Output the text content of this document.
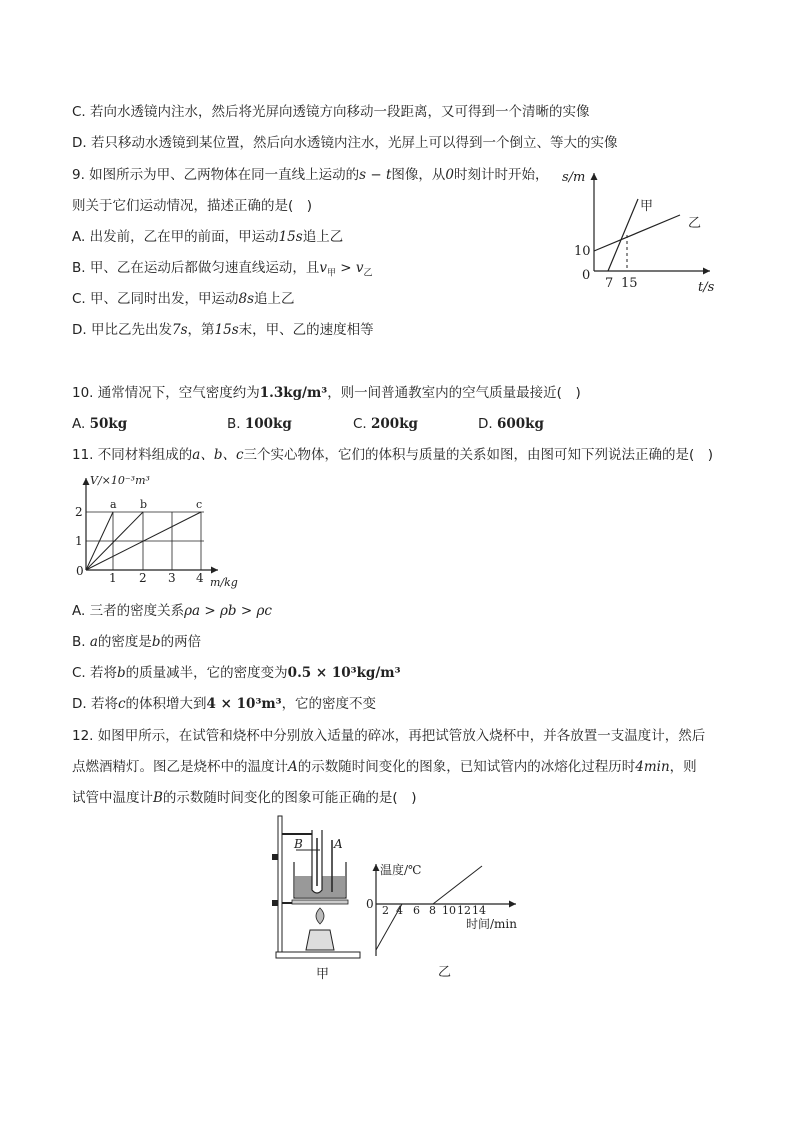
C. 若向水透镜内注水，然后将光屏向透镜方向移动一段距离，又可得到一个清晰的实像
D. 若只移动水透镜到某位置，然后向水透镜内注水，光屏上可以得到一个倒立、等大的实像
9. 如图所示为甲、乙两物体在同一直线上运动的s − t图像，从0时刻计时开始，
则关于它们运动情况，描述正确的是(　)
A. 出发前，乙在甲的前面，甲运动15s追上乙
B. 甲、乙在运动后都做匀速直线运动，且$v_甲 > v_乙$
C. 甲、乙同时出发，甲运动8s追上乙
D. 甲比乙先出发7s，第15s末，甲、乙的速度相等
s/m
t/s
0
10
7 15
甲
乙
10. 通常情况下，空气密度约为1.3kg/m³，则一间普通教室内的空气质量最接近(　)
A. 50kg	B. 100kg	C. 200kg	D. 600kg
11. 不同材料组成的a、b、c三个实心物体，它们的体积与质量的关系如图，由图可知下列说法正确的是(　)
V/×10⁻³m³
m/kg
0
1
2
1 2 3 4
a b	c
A. 三者的密度关系ρa > ρb > ρc
B. a的密度是b的两倍
C. 若将b的质量减半，它的密度变为0.5 × 10³kg/m³
D. 若将c的体积增大到4 × 10³m³，它的密度不变
12. 如图甲所示，在试管和烧杯中分别放入适量的碎冰，再把试管放入烧杯中，并各放置一支温度计，然后
点燃酒精灯。图乙是烧杯中的温度计A的示数随时间变化的图象，已知试管内的冰熔化过程历时4min，则
试管中温度计B的示数随时间变化的图象可能正确的是(　)
B	A
甲
温度/℃
时间/min
0 2 4 6 8 10 12 14
乙
